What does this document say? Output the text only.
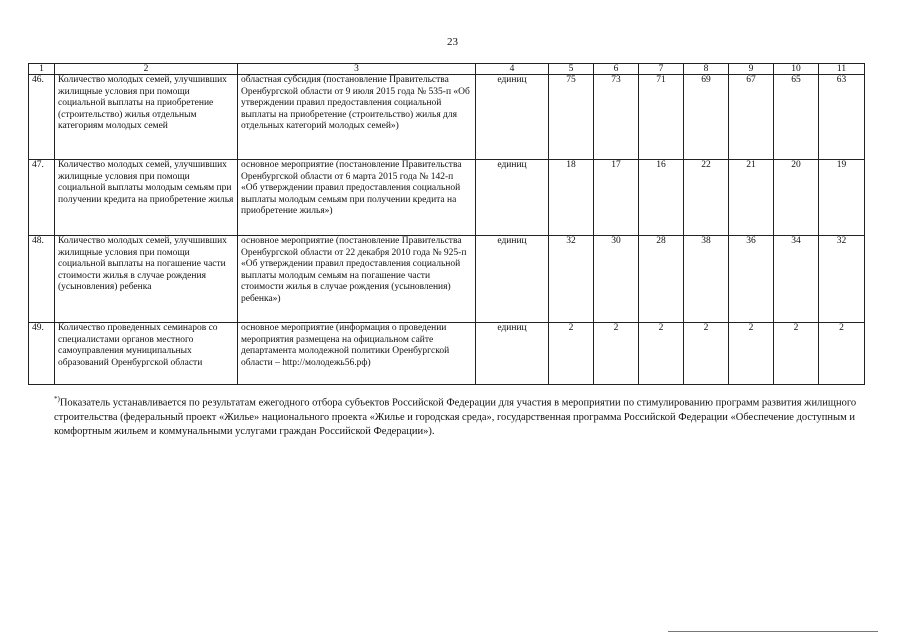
23
1	2	3	4	5	6	7	8	9	10	11
46.	Количество молодых семей, улучшивших жилищные условия при помощи социальной выплаты на приобретение (строительство) жилья отдельным категориям молодых семей	областная субсидия (постановление Правительства Оренбургской области от 9 июля 2015 года № 535-п «Об утверждении правил предоставления социальной выплаты на приобретение (строительство) жилья для отдельных категорий молодых семей»)	единиц	75	73	71	69	67	65	63
47.	Количество молодых семей, улучшивших жилищные условия при помощи социальной выплаты молодым семьям при получении кредита на приобретение жилья	основное мероприятие (постановление Правительства Оренбургской области от 6 марта 2015 года № 142-п «Об утверждении правил предоставления социальной выплаты молодым семьям при получении кредита на приобретение жилья»)	единиц	18	17	16	22	21	20	19
48.	Количество молодых семей, улучшивших жилищные условия при помощи социальной выплаты на погашение части стоимости жилья в случае рождения (усыновления) ребенка	основное мероприятие (постановление Правительства Оренбургской области от 22 декабря 2010 года № 925-п «Об утверждении правил предоставления социальной выплаты молодым семьям на погашение части стоимости жилья в случае рождения (усыновления) ребенка»)	единиц	32	30	28	38	36	34	32
49.	Количество проведенных семинаров со специалистами органов местного самоуправления муниципальных образований Оренбургской области	основное мероприятие (информация о проведении мероприятия размещена на официальном сайте департамента молодежной политики Оренбургской области – http://молодежь56.рф)	единиц	2	2	2	2	2	2	2
*)Показатель устанавливается по результатам ежегодного отбора субъектов Российской Федерации для участия в мероприятии по стимулированию программ развития жилищного строительства (федеральный проект «Жилье» национального проекта «Жилье и городская среда», государственная программа Российской Федерации «Обеспечение доступным и комфортным жильем и коммунальными услугами граждан Российской Федерации»).
